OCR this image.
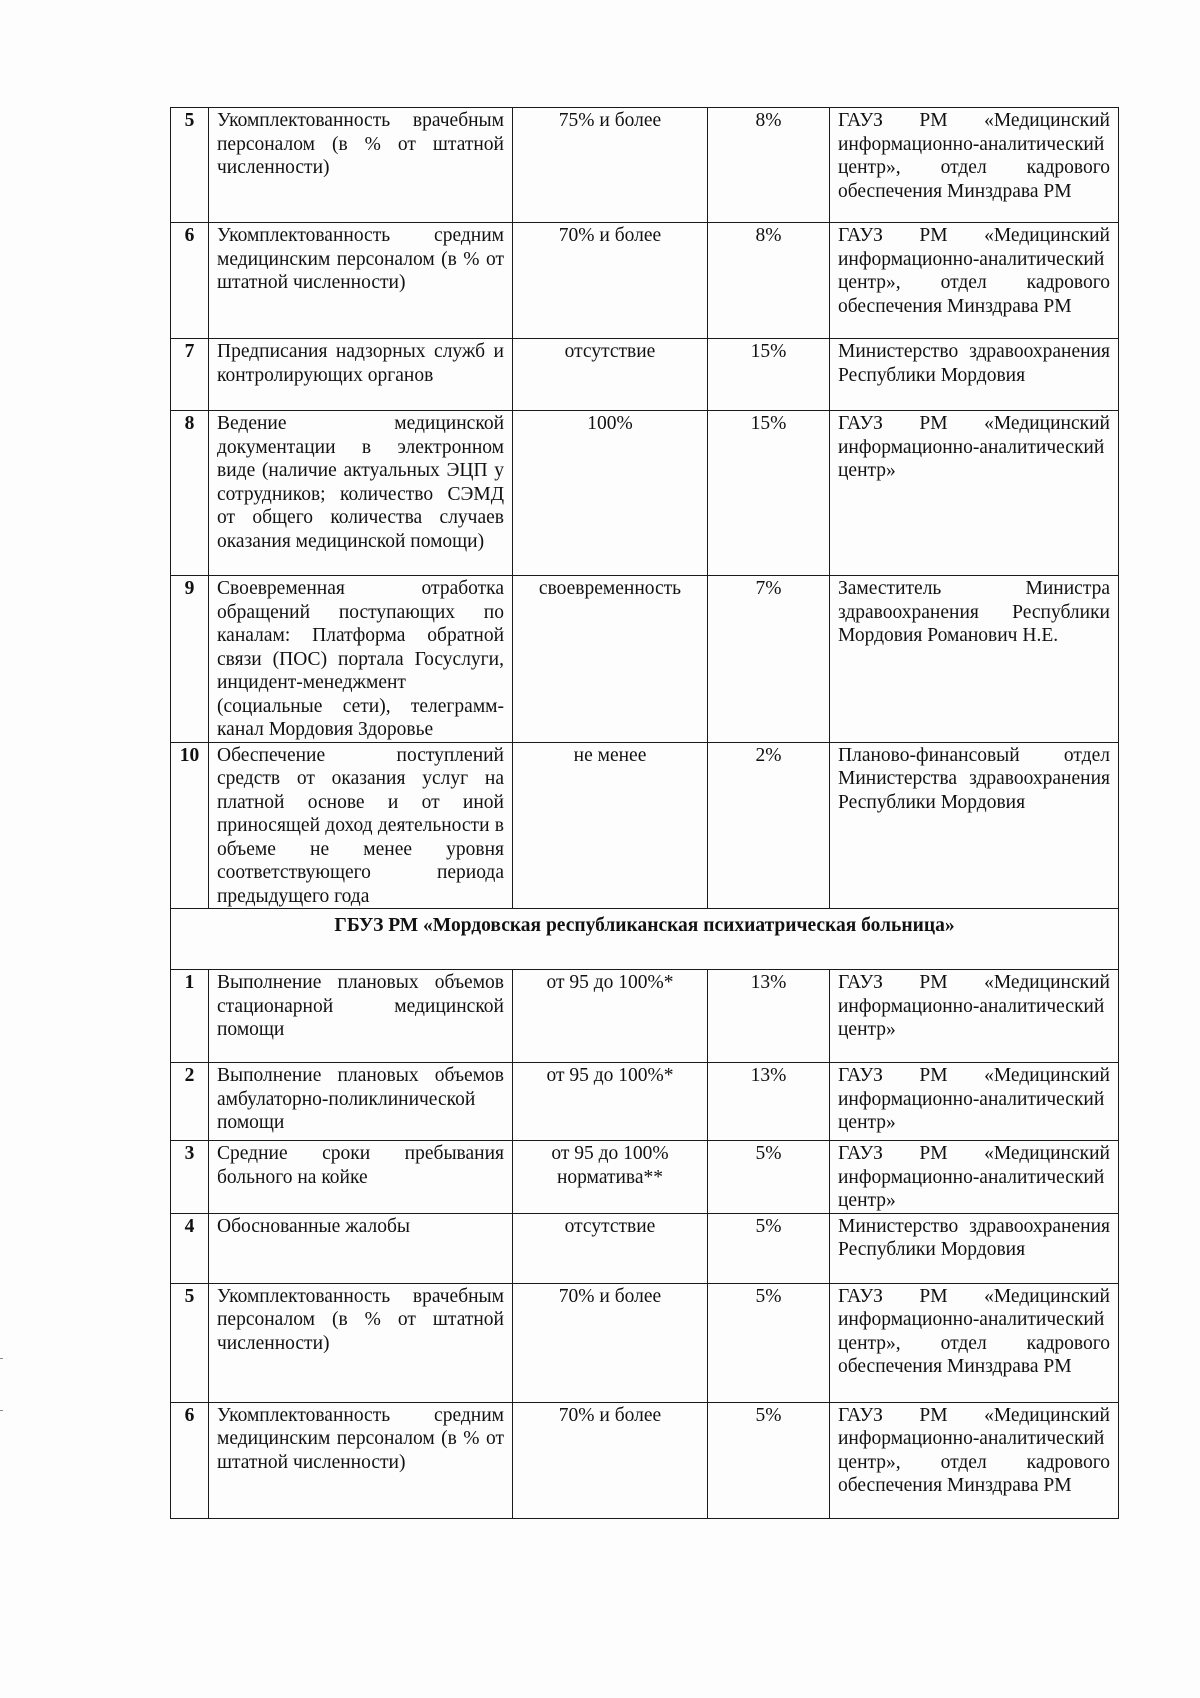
5	Укомплектованность врачебным персоналом (в % от штатной численности)	75% и более	8%	ГАУЗ РМ «Медицинский информационно-аналитический центр», отдел кадрового обеспечения Минздрава РМ
6	Укомплектованность средним медицинским персоналом (в % от штатной численности)	70% и более	8%	ГАУЗ РМ «Медицинский информационно-аналитический центр», отдел кадрового обеспечения Минздрава РМ
7	Предписания надзорных служб и контролирующих органов	отсутствие	15%	Министерство здравоохранения Республики Мордовия
8	Ведение медицинской документации в электронном виде (наличие актуальных ЭЦП у сотрудников; количество СЭМД от общего количества случаев оказания медицинской помощи)	100%	15%	ГАУЗ РМ «Медицинский информационно-аналитический центр»
9	Своевременная отработка обращений поступающих по каналам: Платформа обратной связи (ПОС) портала Госуслуги, инцидент-менеджмент (социальные сети), телеграмм-канал Мордовия Здоровье	своевременность	7%	Заместитель Министра здравоохранения Республики Мордовия Романович Н.Е.
10	Обеспечение поступлений средств от оказания услуг на платной основе и от иной приносящей доход деятельности в объеме не менее уровня соответствующего периода предыдущего года	не менее	2%	Планово-финансовый отдел Министерства здравоохранения Республики Мордовия
ГБУЗ РМ «Мордовская республиканская психиатрическая больница»				
1	Выполнение плановых объемов стационарной медицинской помощи	от 95 до 100%*	13%	ГАУЗ РМ «Медицинский информационно-аналитический центр»
2	Выполнение плановых объемов амбулаторно-поликлинической помощи	от 95 до 100%*	13%	ГАУЗ РМ «Медицинский информационно-аналитический центр»
3	Средние сроки пребывания больного на койке	от 95 до 100% норматива**	5%	ГАУЗ РМ «Медицинский информационно-аналитический центр»
4	Обоснованные жалобы	отсутствие	5%	Министерство здравоохранения Республики Мордовия
5	Укомплектованность врачебным персоналом (в % от штатной численности)	70% и более	5%	ГАУЗ РМ «Медицинский информационно-аналитический центр», отдел кадрового обеспечения Минздрава РМ
6	Укомплектованность средним медицинским персоналом (в % от штатной численности)	70% и более	5%	ГАУЗ РМ «Медицинский информационно-аналитический центр», отдел кадрового обеспечения Минздрава РМ
